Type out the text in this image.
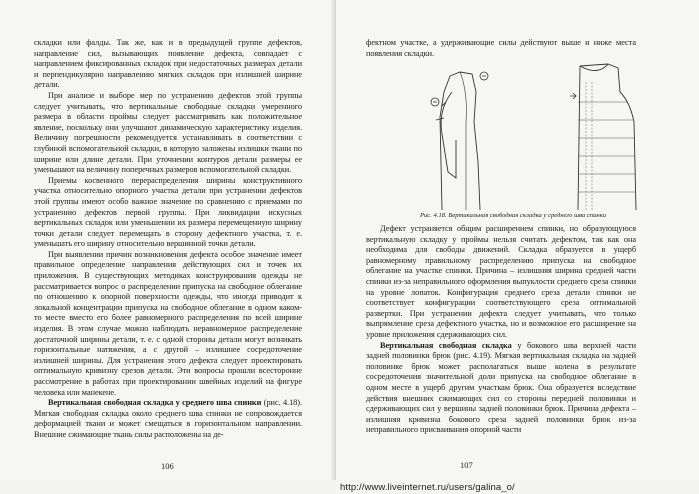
складки или фалды. Так же, как и в предыдущей группе дефектов, направление сил, вызывающих появление дефекта, совпадает с направлением фиксированных складок при недостаточных размерах детали и перпендикулярно направлению мягких складок при излишней ширине детали.

При анализе и выборе мер по устранению дефектов этой группы следует учитывать, что вертикальные свободные складки умеренного размера в области проймы следует рассматривать как положительное явление, поскольку они улучшают динамическую характеристику изделия. Величину погрешности рекомендуется устанавливать в соответствии с глубиной вспомогательной складки, в которую заложены излишки ткани по ширине или длине детали. При уточнении контуров детали размеры ее уменьшают на величину поперечных размеров вспомогательной складки.

Приемы косвенного перераспределения ширины конструктивного участка относительно опорного участка детали при устранении дефектов этой группы имеют особо важное значение по сравнению с приемами по устранению дефектов первой группы. При ликвидации искусных вертикальных складок или уменьшении их размера перемещенную ширину точки детали следует перемещать в сторону дефектного участка, т. е. уменьшать его ширину относительно вершинной точки детали.

При выявлении причин возникновения дефекта особое значение имеет правильное определение направления действующих сил и точек их приложения. В существующих методиках конструирования одежды не рассматривается вопрос о распределении припуска на свободное облегание по отношению к опорной поверхности одежды, что иногда приводит к локальной концентрации припуска на свободное облегание в одном каком-то месте вместо его более равномерного распределения по всей ширине изделия. В этом случае можно наблюдать неравномерное распределение достаточной ширины детали, т. е. с одной стороны детали могут возникать горизонтальные натяжения, а с другой – излишнее сосредоточение излишней ширины. Для устранения этого дефекта следует проектировать оптимальную кривизну срезов детали. Эти вопросы прошли всесторонне рассмотрение в работах при проектировании швейных изделий на фигуре человека или манекене.

Вертикальная свободная складка у среднего шва спинки (рис. 4.18). Мягкая свободная складка около среднего шва спинки не сопровождается деформацией ткани и может смещаться в горизонтальном направлении. Внешние сжимающие ткань силы расположены на де-

106

фектном участке, а удерживающие силы действуют выше и ниже места появления складки.

Рис. 4.18. Вертикальная свободная складка у среднего шва спинки

Дефект устраняется общим расширением спинки, но образующуюся вертикальную складку у проймы нельзя считать дефектом, так как она необходима для свободы движений. Складка образуется в ущерб равномерному правильному распределению припуска на свободное облегание на участке спинки. Причина – излишняя ширина средней части спинки из-за неправильного оформления выпуклости среднего среза спинки на уровне лопаток. Конфигурация среднего среза детали спинки не соответствует конфигурации соответствующего среза оптимальной развертки. При устранении дефекта следует учитывать, что только выпрямление среза дефектного участка, но и возможное его расширение на уровне приложения сдерживающих сил.

Вертикальная свободная складка у бокового шва верхней части задней половинки брюк (рис. 4.19). Мягкая вертикальная складка на задней половинке брюк может располагаться выше колена в результате сосредоточения значительной доли припуска на свободное облегание в одном месте в ущерб другим участкам брюк. Она образуется вследствие действия внешних сжимающих сил со стороны передней половинки и сдерживающих сил у вершины задней половинки брюк. Причина дефекта – излишняя кривизна бокового среза задней половинки брюк из-за неправильного присваивания опорной части

107
http://www.liveinternet.ru/users/galina_o/
